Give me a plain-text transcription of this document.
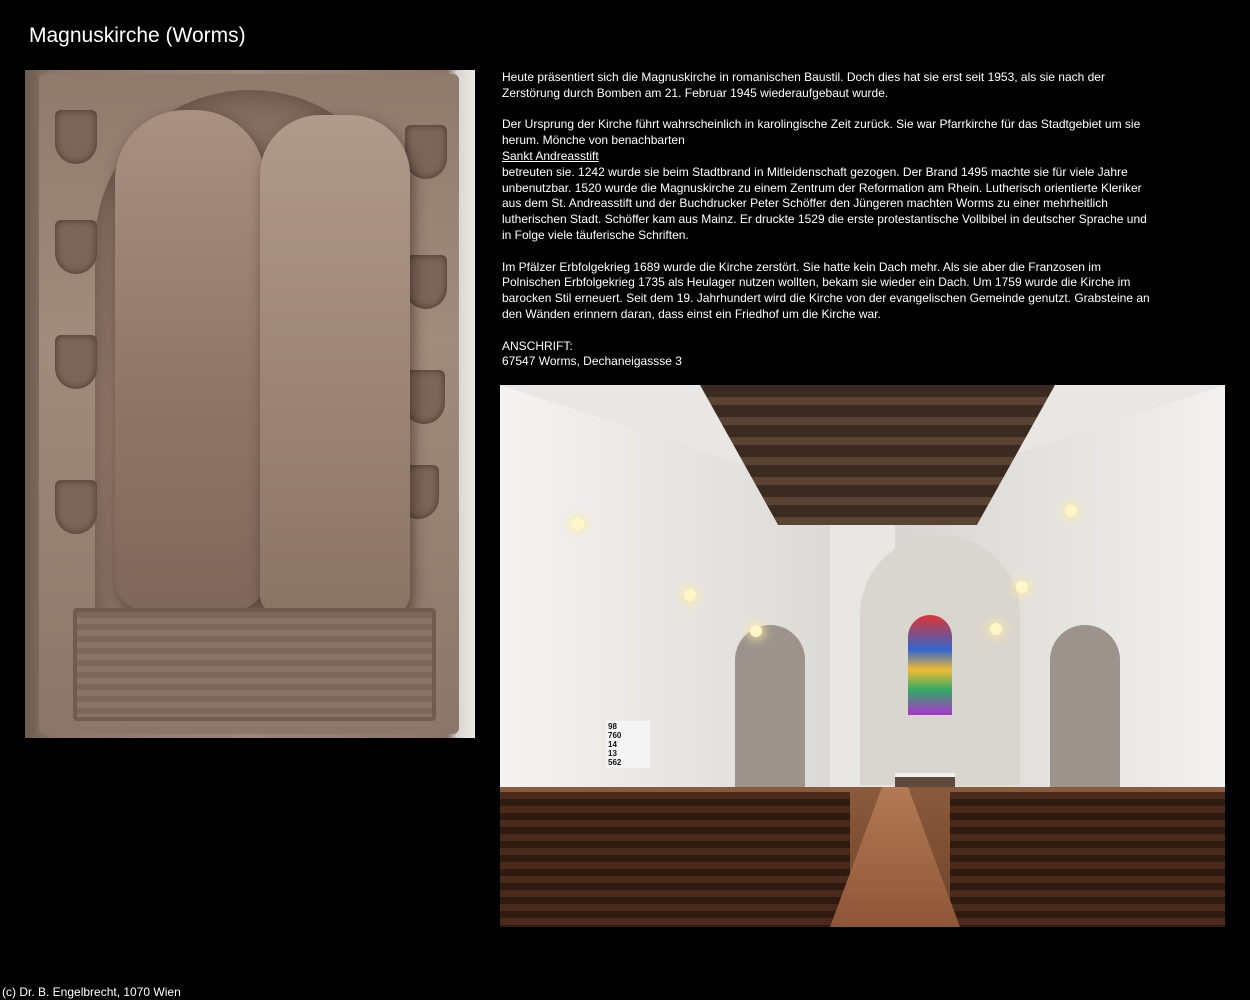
Magnuskirche (Worms)

Heute präsentiert sich die Magnuskirche in romanischen Baustil. Doch dies hat sie erst seit 1953, als sie nach der Zerstörung durch Bomben am 21. Februar 1945 wiederaufgebaut wurde.

Der Ursprung der Kirche führt wahrscheinlich in karolingische Zeit zurück. Sie war Pfarrkirche für das Stadtgebiet um sie herum. Mönche von benachbarten
Sankt Andreasstift
betreuten sie. 1242 wurde sie beim Stadtbrand in Mitleidenschaft gezogen. Der Brand 1495 machte sie für viele Jahre unbenutzbar. 1520 wurde die Magnuskirche zu einem Zentrum der Reformation am Rhein. Lutherisch orientierte Kleriker aus dem St. Andreasstift und der Buchdrucker Peter Schöffer den Jüngeren machten Worms zu einer mehrheitlich lutherischen Stadt. Schöffer kam aus Mainz. Er druckte 1529 die erste protestantische Vollbibel in deutscher Sprache und in Folge viele täuferische Schriften.

Im Pfälzer Erbfolgekrieg 1689 wurde die Kirche zerstört. Sie hatte kein Dach mehr. Als sie aber die Franzosen im Polnischen Erbfolgekrieg 1735 als Heulager nutzen wollten, bekam sie wieder ein Dach. Um 1759 wurde die Kirche im barocken Stil erneuert. Seit dem 19. Jahrhundert wird die Kirche von der evangelischen Gemeinde genutzt. Grabsteine an den Wänden erinnern daran, dass einst ein Friedhof um die Kirche war.

ANSCHRIFT:
67547 Worms, Dechaneigassse 3

98
760
14
13
562
(c) Dr. B. Engelbrecht, 1070 Wien
